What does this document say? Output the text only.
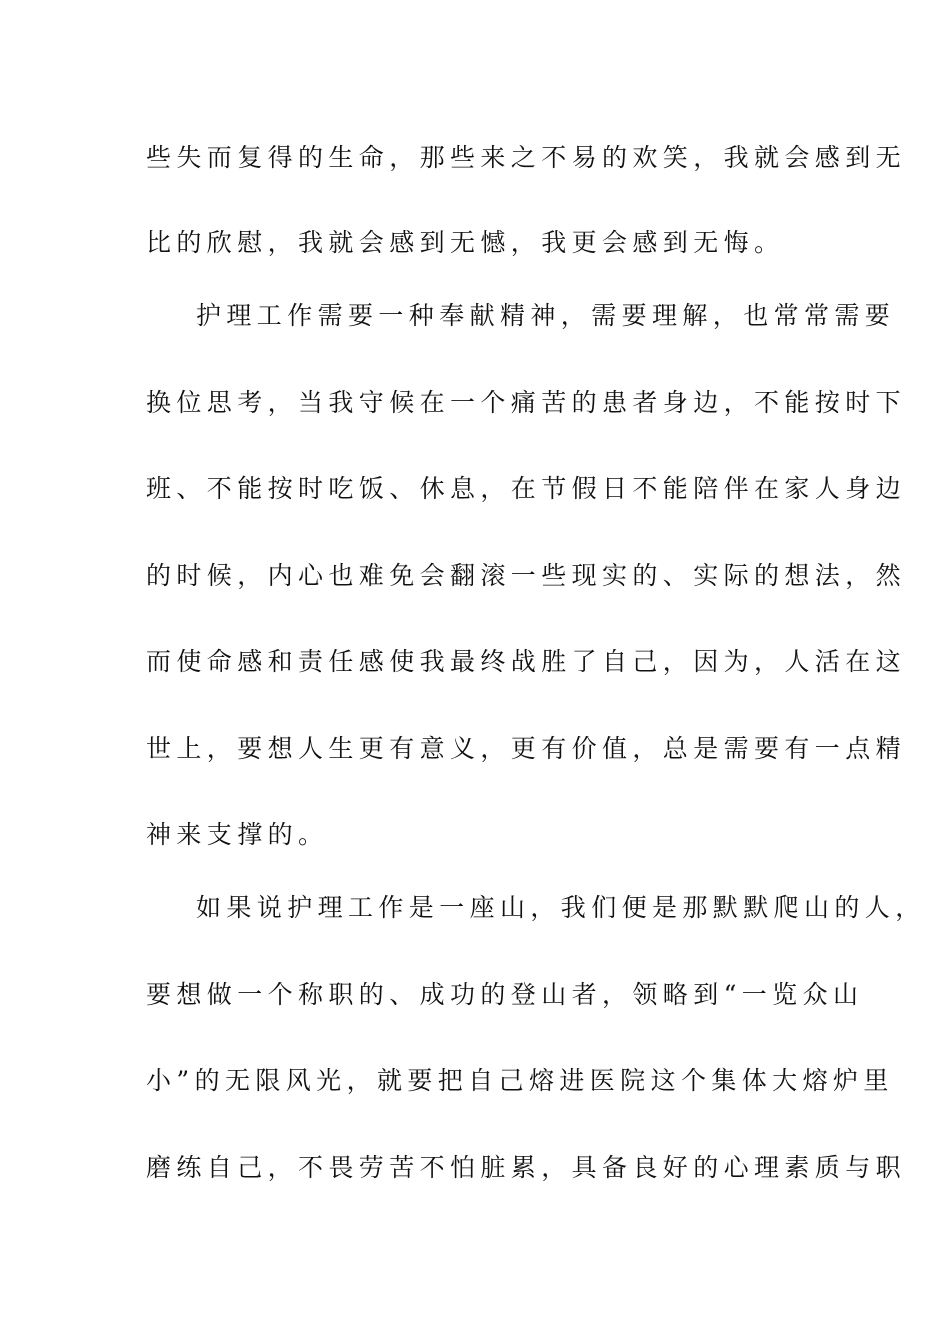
些失而复得的生命，那些来之不易的欢笑，我就会感到无
比的欣慰，我就会感到无憾，我更会感到无悔。
护理工作需要一种奉献精神，需要理解，也常常需要
换位思考，当我守候在一个痛苦的患者身边，不能按时下
班、不能按时吃饭、休息，在节假日不能陪伴在家人身边
的时候，内心也难免会翻滚一些现实的、实际的想法，然
而使命感和责任感使我最终战胜了自己，因为，人活在这
世上，要想人生更有意义，更有价值，总是需要有一点精
神来支撑的。
如果说护理工作是一座山，我们便是那默默爬山的人，
要想做一个称职的、成功的登山者，领略到“一览众山
小”的无限风光，就要把自己熔进医院这个集体大熔炉里
磨练自己，不畏劳苦不怕脏累，具备良好的心理素质与职
